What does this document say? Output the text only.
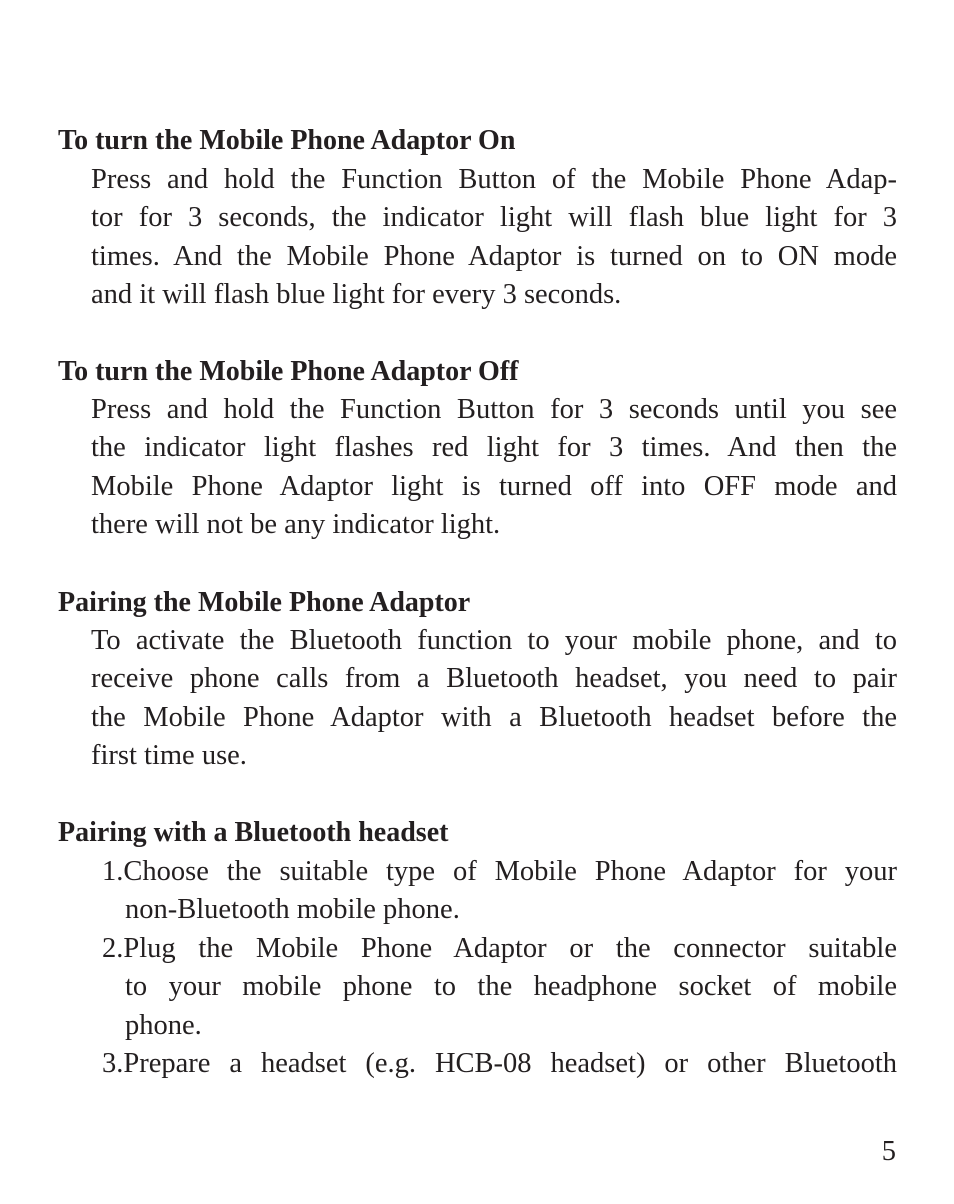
To turn the Mobile Phone Adaptor On
Press and hold the Function Button of the Mobile Phone Adap-
tor for 3 seconds, the indicator light will flash blue light for 3
times. And the Mobile Phone Adaptor is turned on to ON mode
and it will flash blue light for every 3 seconds.
To turn the Mobile Phone Adaptor Off
Press and hold the Function Button for 3 seconds until you see
the indicator light flashes red light for 3 times. And then the
Mobile Phone Adaptor light is turned off into OFF mode and
there will not be any indicator light.
Pairing the Mobile Phone Adaptor
To activate the Bluetooth function to your mobile phone, and to
receive phone calls from a Bluetooth headset, you need to pair
the Mobile Phone Adaptor with a Bluetooth headset before the
first time use.
Pairing with a Bluetooth headset
1.Choose the suitable type of Mobile Phone Adaptor for your
non-Bluetooth mobile phone.
2.Plug the Mobile Phone Adaptor or the connector suitable
to your mobile phone to the headphone socket of mobile
phone.
3.Prepare a headset (e.g. HCB-08 headset) or other Bluetooth
5
